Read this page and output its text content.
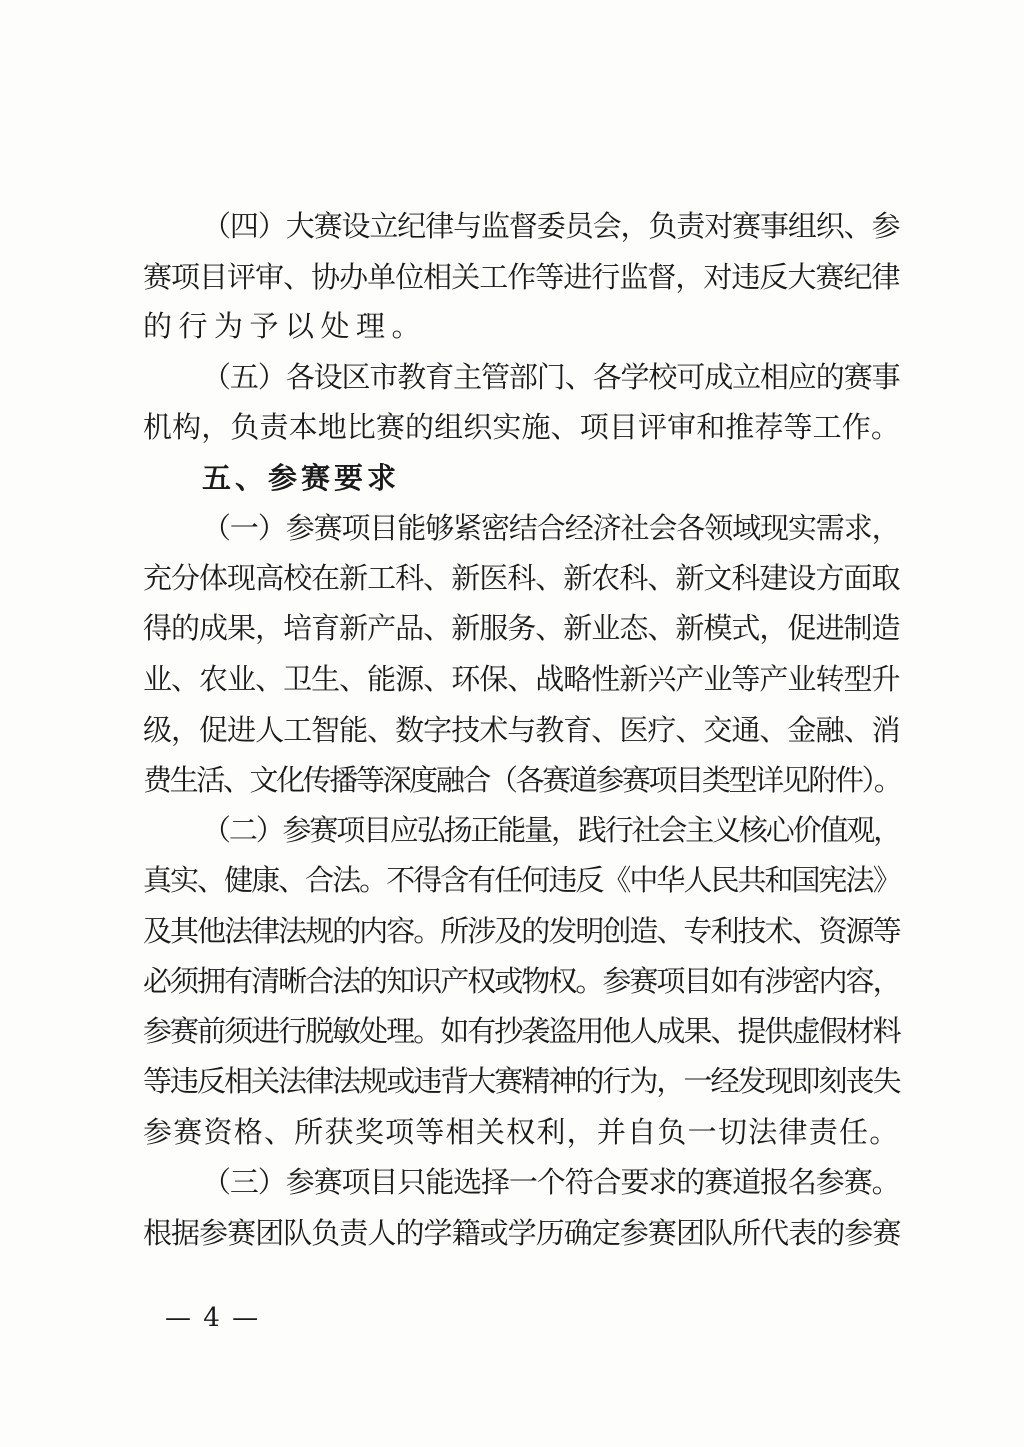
（四）大赛设立纪律与监督委员会，负责对赛事组织、参
赛项目评审、协办单位相关工作等进行监督，对违反大赛纪律
的行为予以处理。
（五）各设区市教育主管部门、各学校可成立相应的赛事
机构，负责本地比赛的组织实施、项目评审和推荐等工作。
五、参赛要求
（一）参赛项目能够紧密结合经济社会各领域现实需求，
充分体现高校在新工科、新医科、新农科、新文科建设方面取
得的成果，培育新产品、新服务、新业态、新模式，促进制造
业、农业、卫生、能源、环保、战略性新兴产业等产业转型升
级，促进人工智能、数字技术与教育、医疗、交通、金融、消
费生活、文化传播等深度融合（各赛道参赛项目类型详见附件）。
（二）参赛项目应弘扬正能量，践行社会主义核心价值观，
真实、健康、合法。不得含有任何违反《中华人民共和国宪法》
及其他法律法规的内容。所涉及的发明创造、专利技术、资源等
必须拥有清晰合法的知识产权或物权。参赛项目如有涉密内容，
参赛前须进行脱敏处理。如有抄袭盗用他人成果、提供虚假材料
等违反相关法律法规或违背大赛精神的行为，一经发现即刻丧失
参赛资格、所获奖项等相关权利，并自负一切法律责任。
（三）参赛项目只能选择一个符合要求的赛道报名参赛。
根据参赛团队负责人的学籍或学历确定参赛团队所代表的参赛
— 4 —
